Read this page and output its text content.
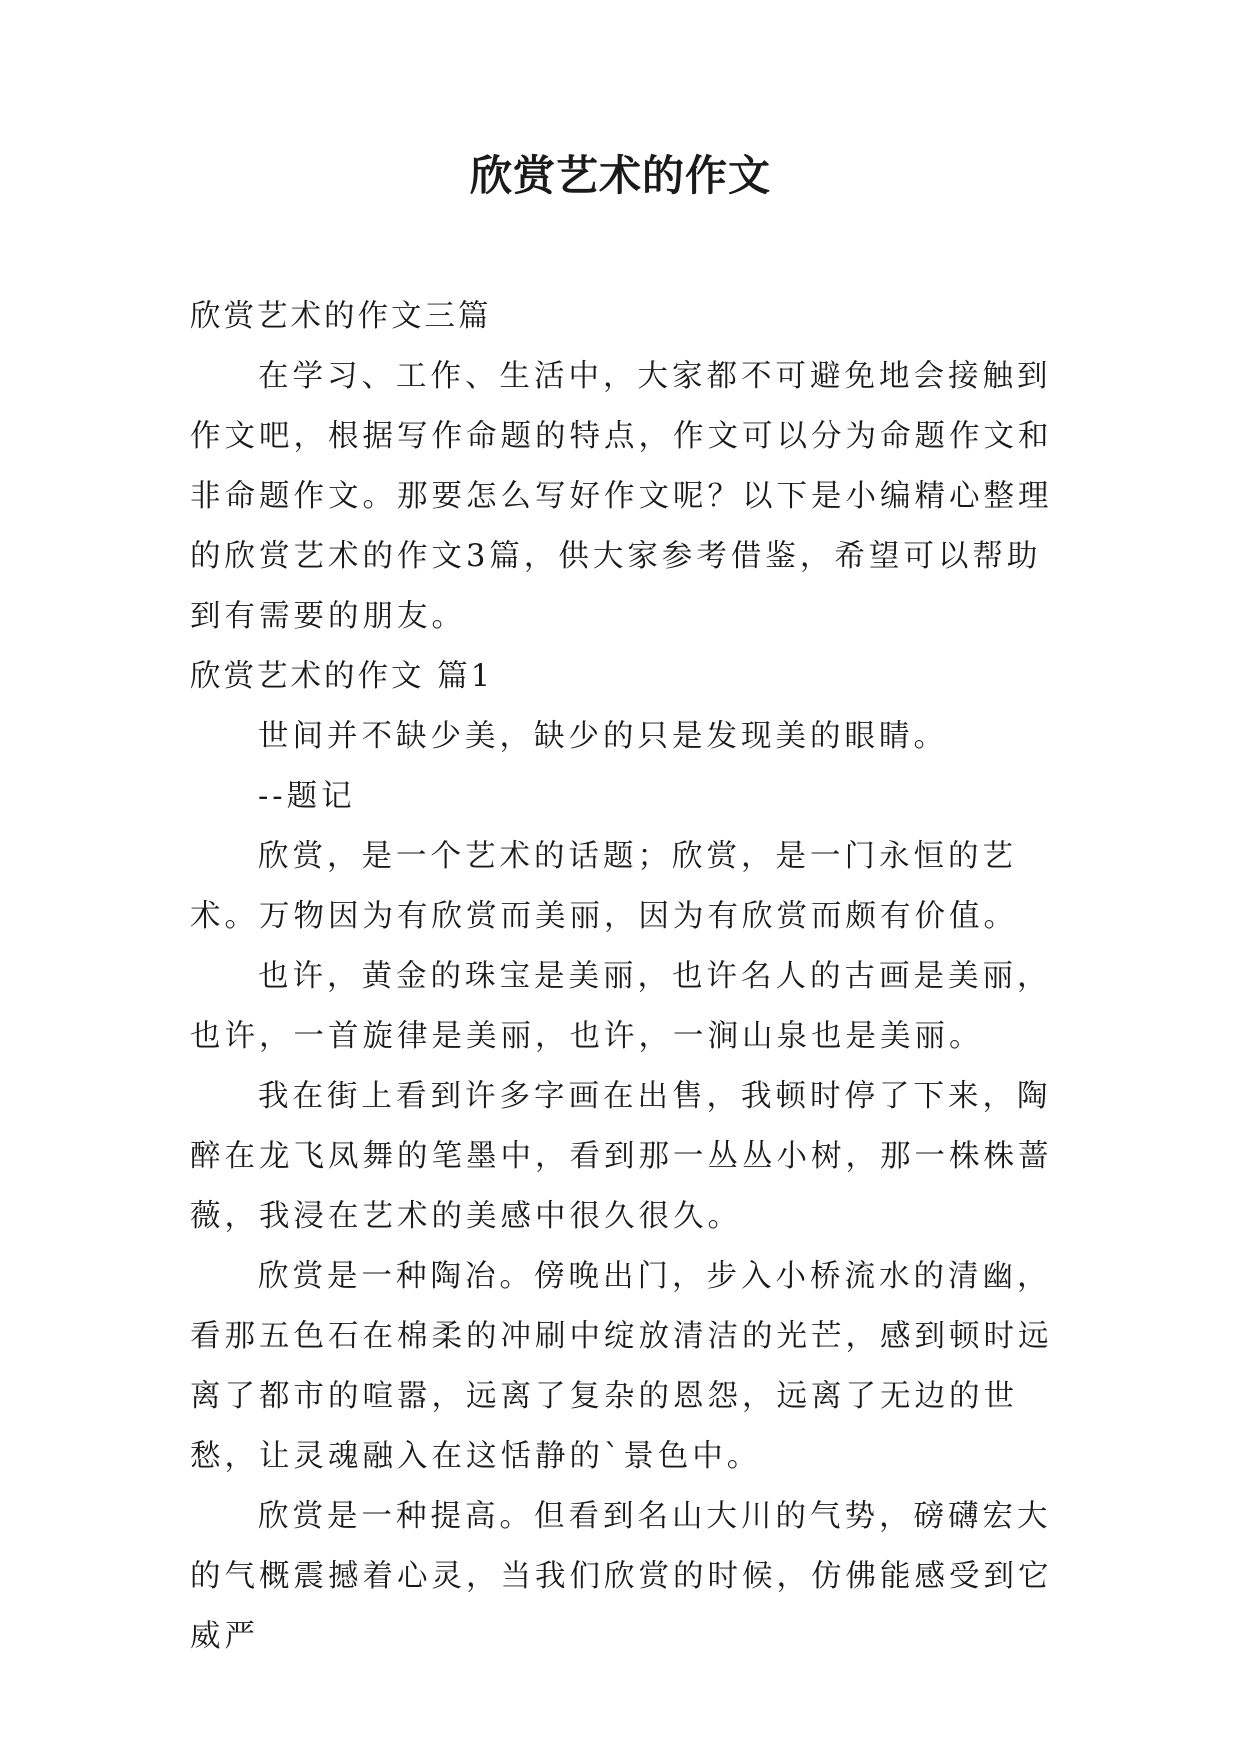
欣赏艺术的作文

欣赏艺术的作文三篇

在学习、工作、生活中，大家都不可避免地会接触到作文吧，根据写作命题的特点，作文可以分为命题作文和非命题作文。那要怎么写好作文呢？以下是小编精心整理的欣赏艺术的作文3篇，供大家参考借鉴，希望可以帮助到有需要的朋友。

欣赏艺术的作文 篇1

世间并不缺少美，缺少的只是发现美的眼睛。

--题记

欣赏，是一个艺术的话题；欣赏，是一门永恒的艺术。万物因为有欣赏而美丽，因为有欣赏而颇有价值。

也许，黄金的珠宝是美丽，也许名人的古画是美丽，也许，一首旋律是美丽，也许，一涧山泉也是美丽。

我在街上看到许多字画在出售，我顿时停了下来，陶醉在龙飞凤舞的笔墨中，看到那一丛丛小树，那一株株蔷薇，我浸在艺术的美感中很久很久。

欣赏是一种陶冶。傍晚出门，步入小桥流水的清幽，看那五色石在棉柔的冲刷中绽放清洁的光芒，感到顿时远离了都市的喧嚣，远离了复杂的恩怨，远离了无边的世愁，让灵魂融入在这恬静的`景色中。

欣赏是一种提高。但看到名山大川的气势，磅礴宏大的气概震撼着心灵，当我们欣赏的时候，仿佛能感受到它威严
